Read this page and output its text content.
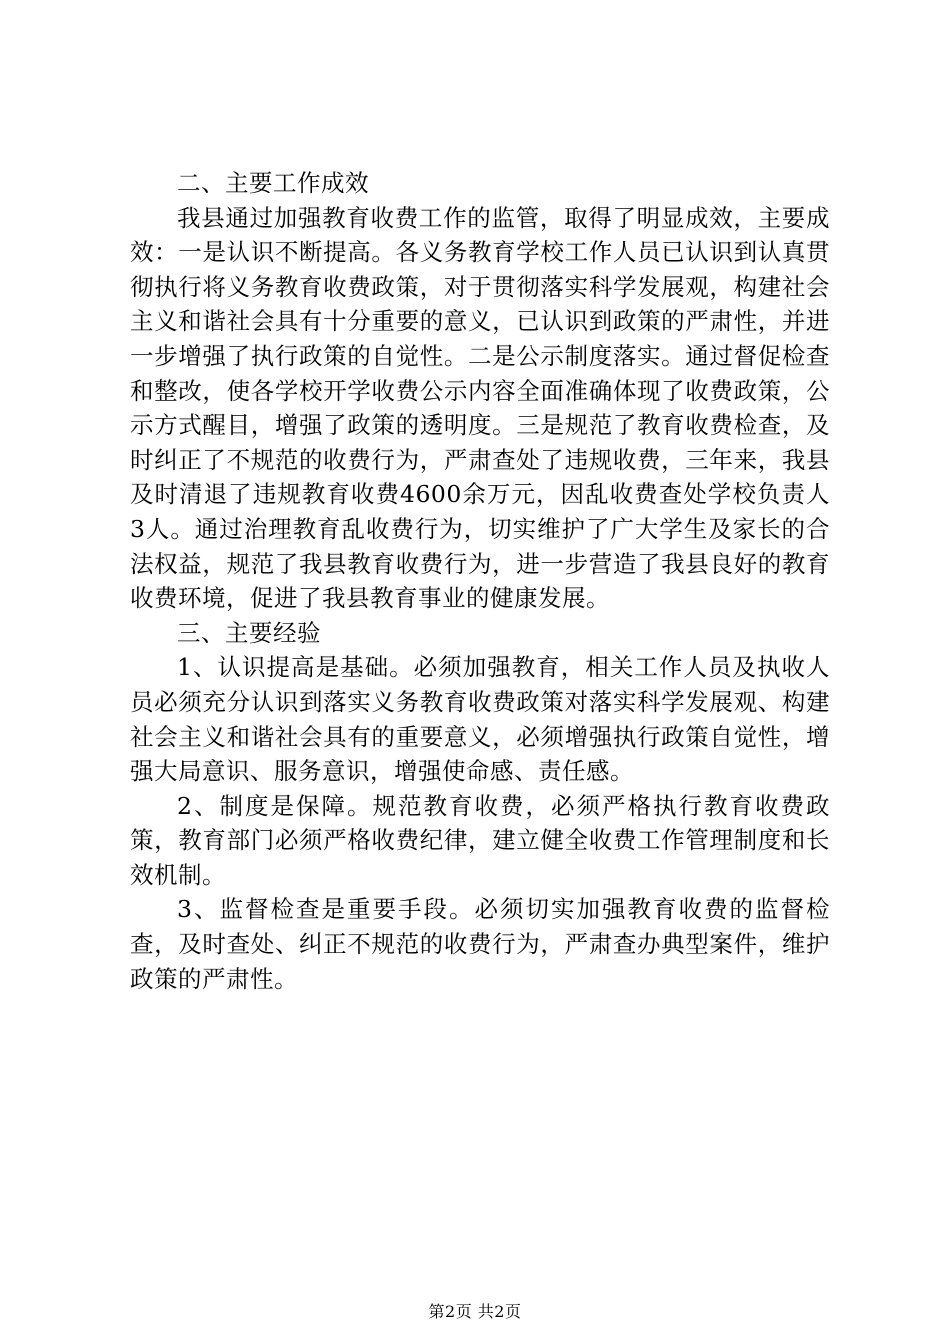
二、主要工作成效

我县通过加强教育收费工作的监管，取得了明显成效，主要成效：一是认识不断提高。各义务教育学校工作人员已认识到认真贯彻执行将义务教育收费政策，对于贯彻落实科学发展观，构建社会主义和谐社会具有十分重要的意义，已认识到政策的严肃性，并进一步增强了执行政策的自觉性。二是公示制度落实。通过督促检查和整改，使各学校开学收费公示内容全面准确体现了收费政策，公示方式醒目，增强了政策的透明度。三是规范了教育收费检查，及时纠正了不规范的收费行为，严肃查处了违规收费，三年来，我县及时清退了违规教育收费4600余万元，因乱收费查处学校负责人3人。通过治理教育乱收费行为，切实维护了广大学生及家长的合法权益，规范了我县教育收费行为，进一步营造了我县良好的教育收费环境，促进了我县教育事业的健康发展。

三、主要经验

1、认识提高是基础。必须加强教育，相关工作人员及执收人员必须充分认识到落实义务教育收费政策对落实科学发展观、构建社会主义和谐社会具有的重要意义，必须增强执行政策自觉性，增强大局意识、服务意识，增强使命感、责任感。

2、制度是保障。规范教育收费，必须严格执行教育收费政策，教育部门必须严格收费纪律，建立健全收费工作管理制度和长效机制。

3、监督检查是重要手段。必须切实加强教育收费的监督检查，及时查处、纠正不规范的收费行为，严肃查办典型案件，维护政策的严肃性。

第2页 共2页
